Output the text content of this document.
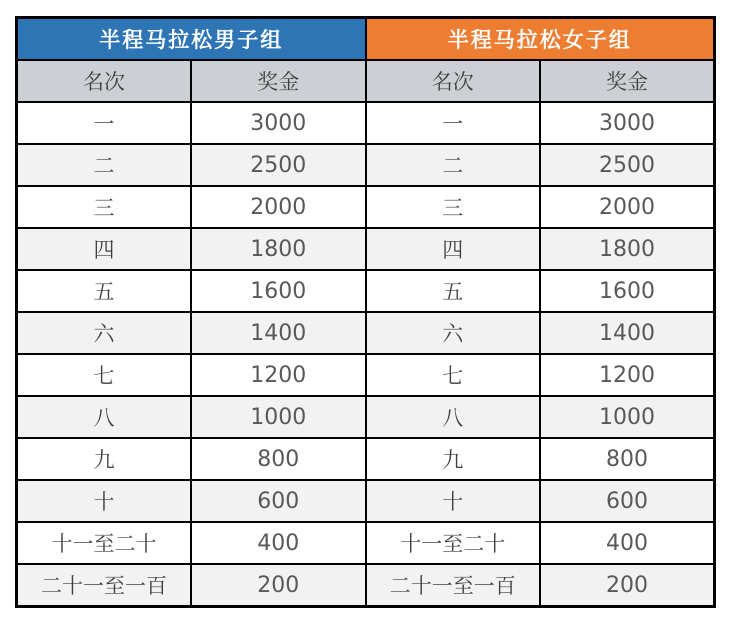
半程马拉松男子组		半程马拉松女子组	
名次	奖金	名次	奖金
一	3000	一	3000
二	2500	二	2500
三	2000	三	2000
四	1800	四	1800
五	1600	五	1600
六	1400	六	1400
七	1200	七	1200
八	1000	八	1000
九	800	九	800
十	600	十	600
十一至二十	400	十一至二十	400
二十一至一百	200	二十一至一百	200
